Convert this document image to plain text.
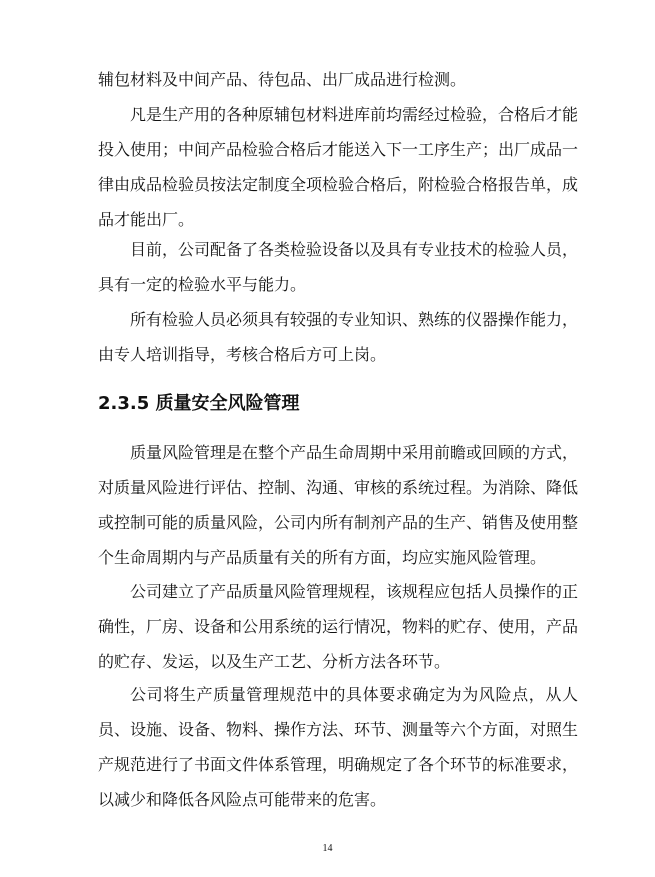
辅包材料及中间产品、待包品、出厂成品进行检测。

凡是生产用的各种原辅包材料进库前均需经过检验，合格后才能投入使用；中间产品检验合格后才能送入下一工序生产；出厂成品一律由成品检验员按法定制度全项检验合格后，附检验合格报告单，成品才能出厂。

目前，公司配备了各类检验设备以及具有专业技术的检验人员，具有一定的检验水平与能力。

所有检验人员必须具有较强的专业知识、熟练的仪器操作能力，由专人培训指导，考核合格后方可上岗。

2.3.5 质量安全风险管理

质量风险管理是在整个产品生命周期中采用前瞻或回顾的方式，对质量风险进行评估、控制、沟通、审核的系统过程。为消除、降低或控制可能的质量风险，公司内所有制剂产品的生产、销售及使用整个生命周期内与产品质量有关的所有方面，均应实施风险管理。

公司建立了产品质量风险管理规程，该规程应包括人员操作的正确性，厂房、设备和公用系统的运行情况，物料的贮存、使用，产品的贮存、发运，以及生产工艺、分析方法各环节。

公司将生产质量管理规范中的具体要求确定为为风险点，从人员、设施、设备、物料、操作方法、环节、测量等六个方面，对照生产规范进行了书面文件体系管理，明确规定了各个环节的标准要求，以减少和降低各风险点可能带来的危害。

14
